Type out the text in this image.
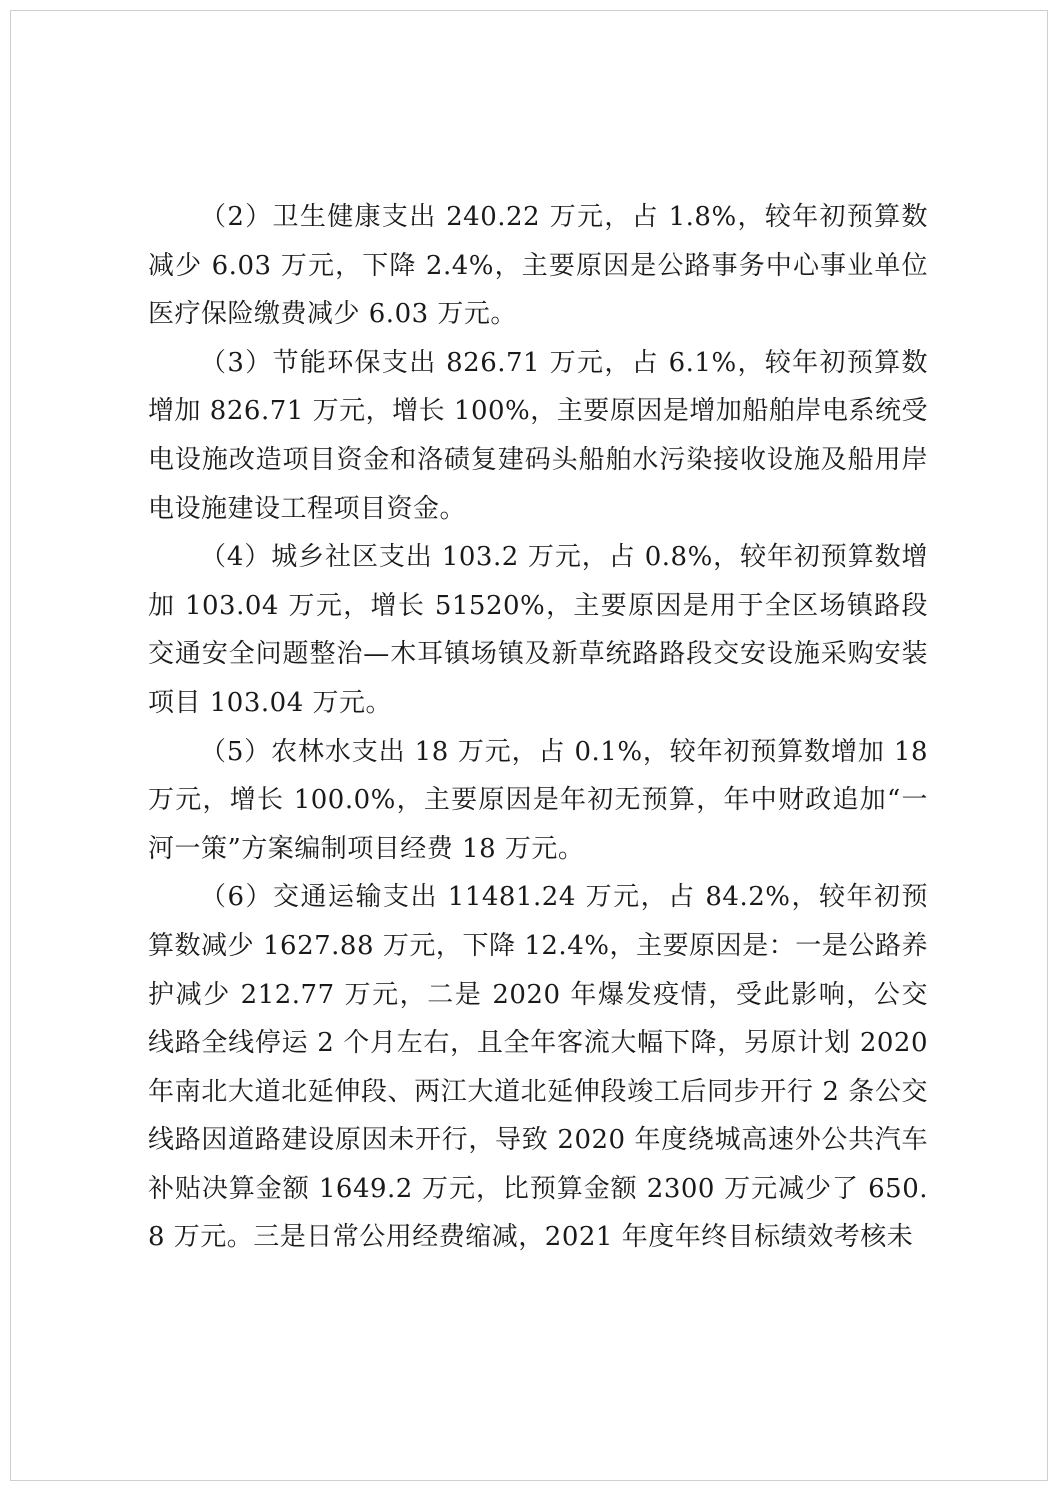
（2）卫生健康支出 240.22 万元，占 1.8%，较年初预算数减少 6.03 万元，下降 2.4%，主要原因是公路事务中心事业单位医疗保险缴费减少 6.03 万元。

（3）节能环保支出 826.71 万元，占 6.1%，较年初预算数增加 826.71 万元，增长 100%，主要原因是增加船舶岸电系统受电设施改造项目资金和洛碛复建码头船舶水污染接收设施及船用岸电设施建设工程项目资金。

（4）城乡社区支出 103.2 万元，占 0.8%，较年初预算数增加 103.04 万元，增长 51520%，主要原因是用于全区场镇路段交通安全问题整治—木耳镇场镇及新草统路路段交安设施采购安装项目 103.04 万元。

（5）农林水支出 18 万元，占 0.1%，较年初预算数增加 18 万元，增长 100.0%，主要原因是年初无预算，年中财政追加“一河一策”方案编制项目经费 18 万元。

（6）交通运输支出 11481.24 万元，占 84.2%，较年初预算数减少 1627.88 万元，下降 12.4%，主要原因是：一是公路养护减少 212.77 万元，二是 2020 年爆发疫情，受此影响，公交线路全线停运 2 个月左右，且全年客流大幅下降，另原计划 2020 年南北大道北延伸段、两江大道北延伸段竣工后同步开行 2 条公交线路因道路建设原因未开行，导致 2020 年度绕城高速外公共汽车补贴决算金额 1649.2 万元，比预算金额 2300 万元减少了 650.8 万元。三是日常公用经费缩减，2021 年度年终目标绩效考核未
